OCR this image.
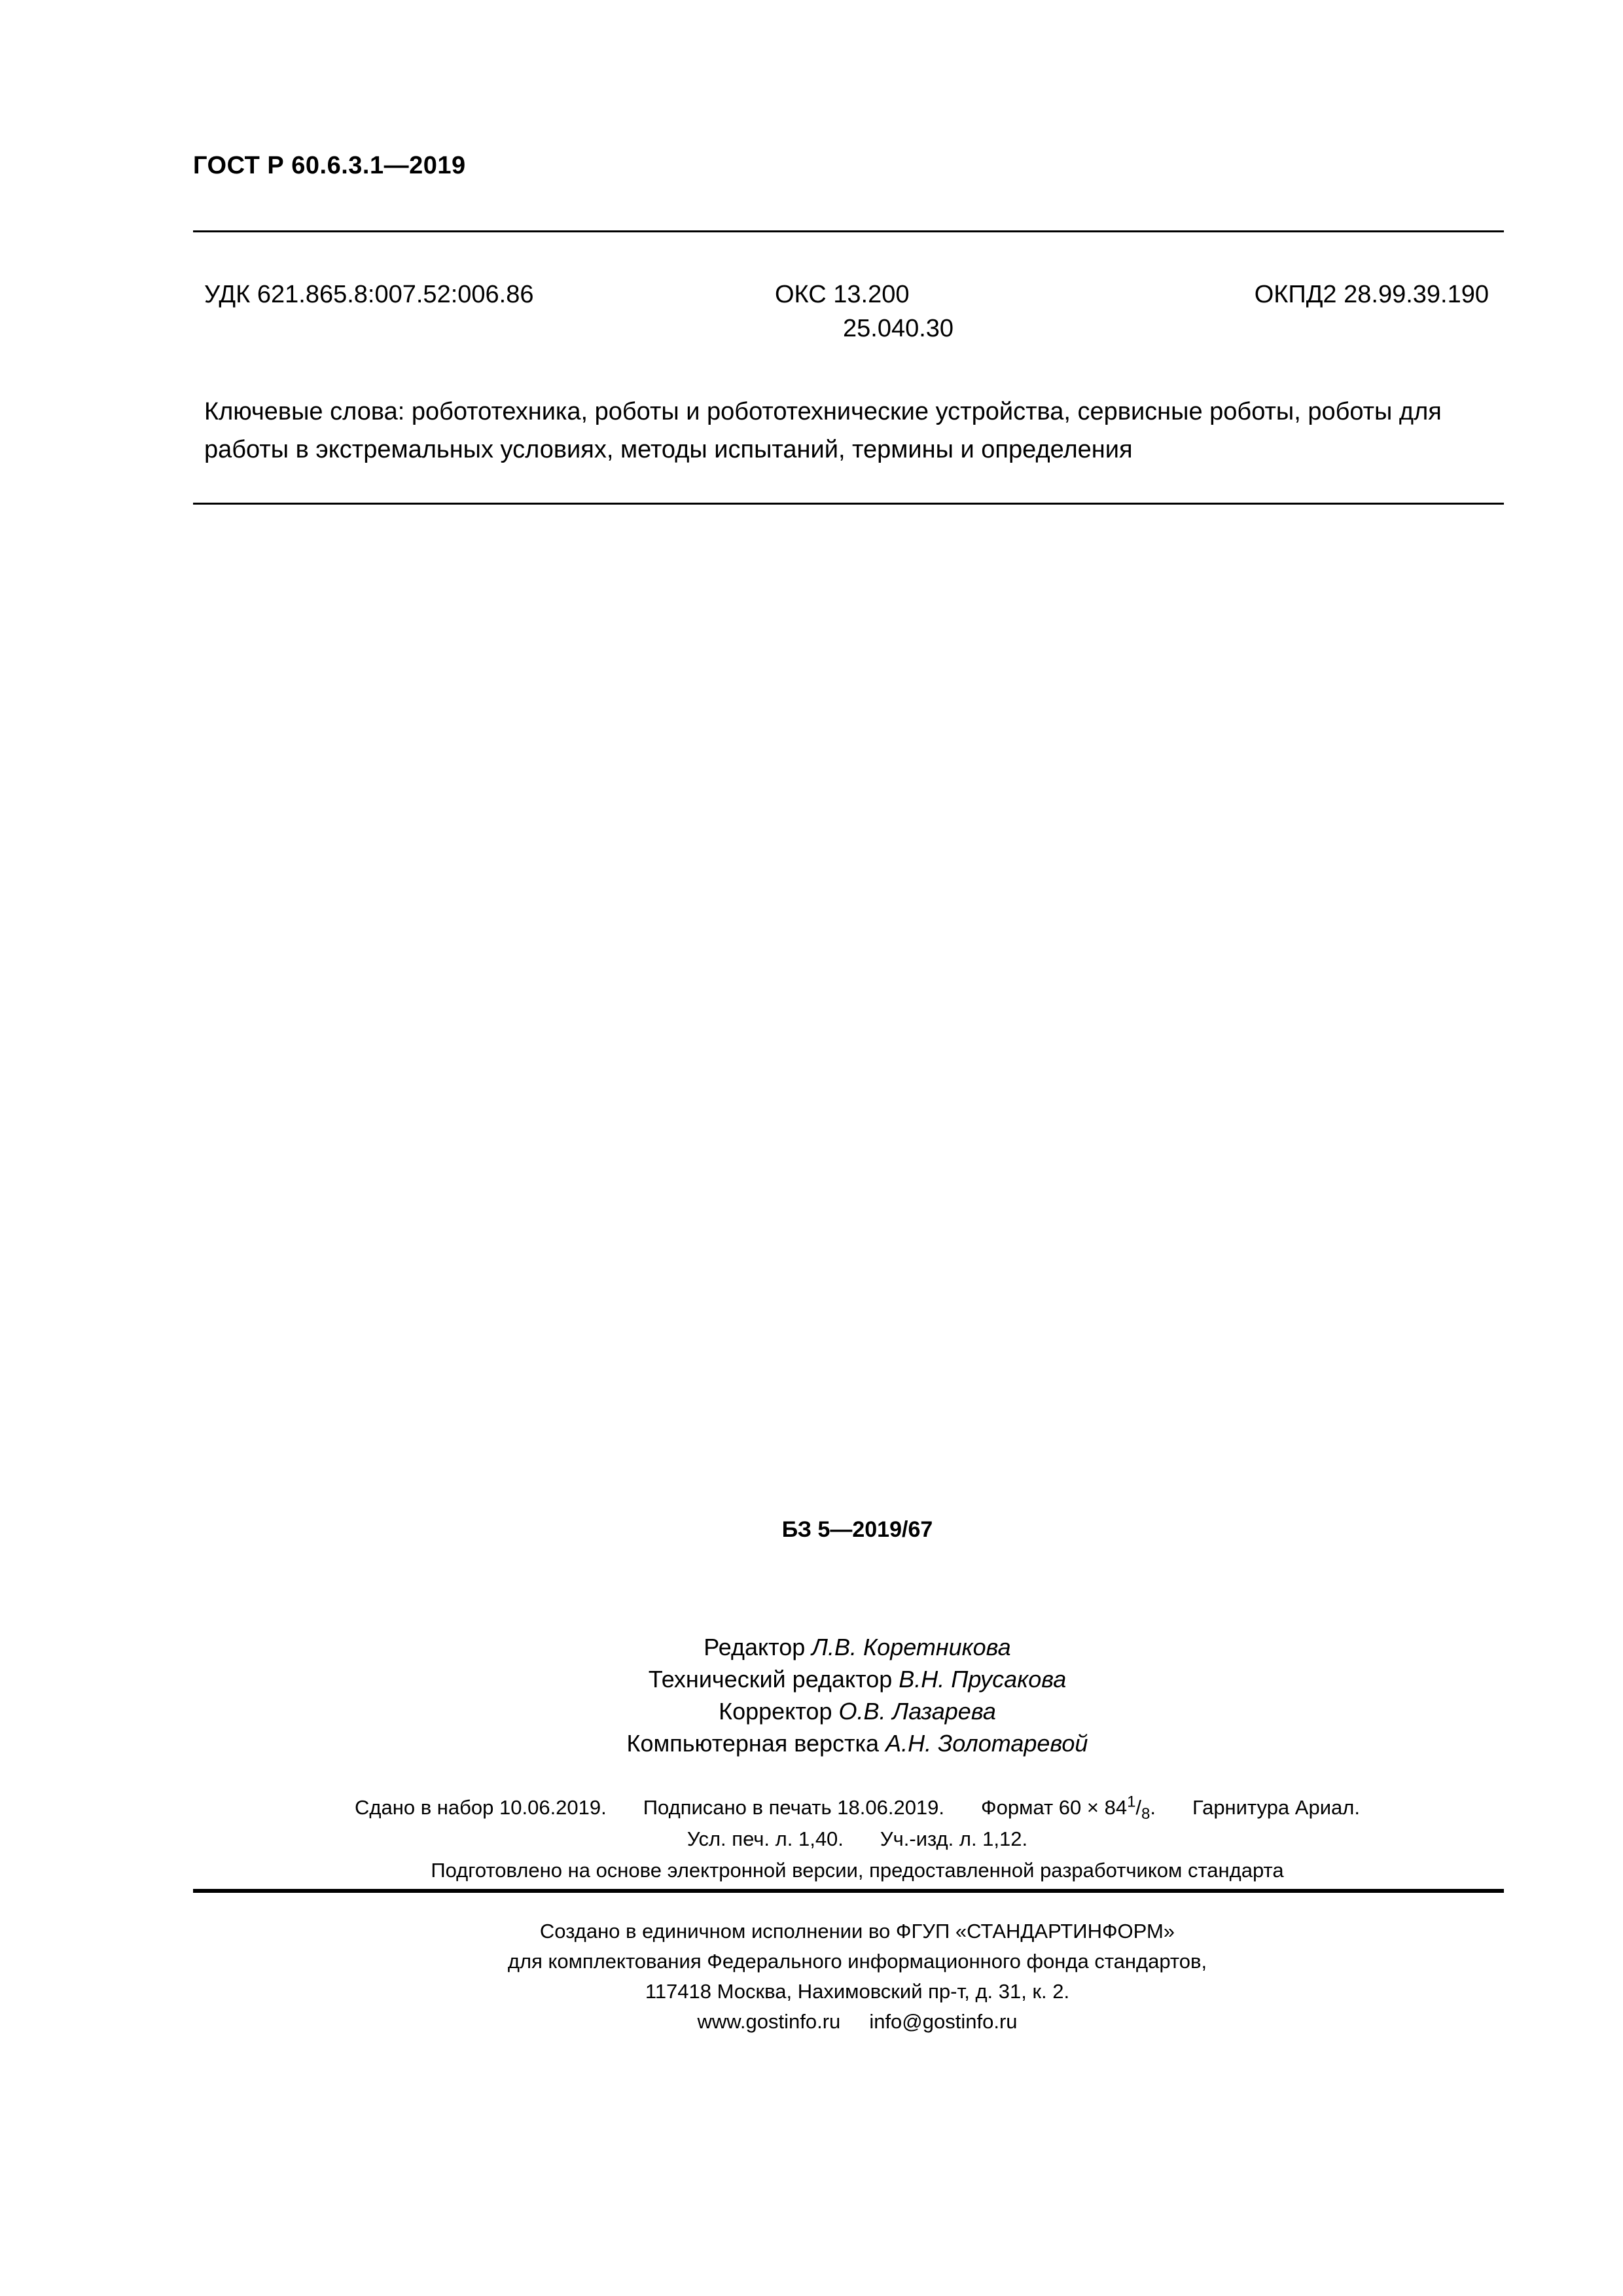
ГОСТ Р 60.6.3.1—2019
УДК 621.865.8:007.52:006.86	ОКС 13.200
25.040.30
ОКПД2 28.99.39.190
Ключевые слова: робототехника, роботы и робототехнические устройства, сервисные роботы, роботы для работы в экстремальных условиях, методы испытаний, термины и определения
БЗ 5—2019/67
Редактор Л.В. Коретникова
Технический редактор В.Н. Прусакова
Корректор О.В. Лазарева
Компьютерная верстка А.Н. Золотаревой
Сдано в набор 10.06.2019. Подписано в печать 18.06.2019. Формат $60 \times 84^1/_8$. Гарнитура Ариал.
Усл. печ. л. 1,40. Уч.-изд. л. 1,12.
Подготовлено на основе электронной версии, предоставленной разработчиком стандарта
Создано в единичном исполнении во ФГУП «СТАНДАРТИНФОРМ»
для комплектования Федерального информационного фонда стандартов,
117418 Москва, Нахимовский пр-т, д. 31, к. 2.
www.gostinfo.ru info@gostinfo.ru
